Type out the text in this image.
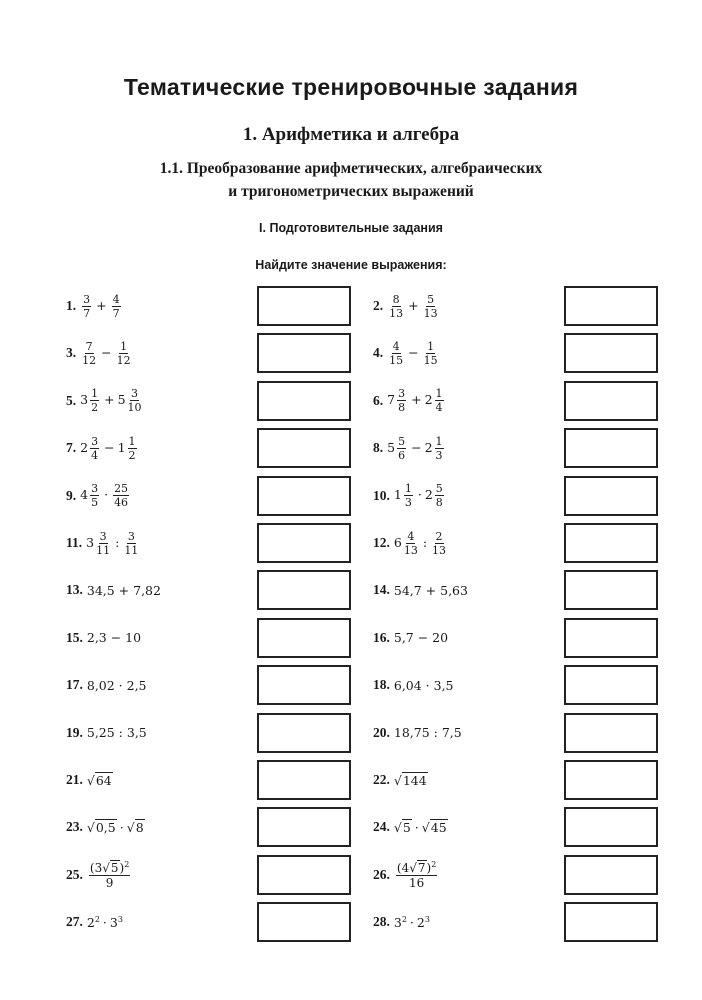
Тематические тренировочные задания
1. Арифметика и алгебра
1.1. Преобразование арифметических, алгебраических
и тригонометрических выражений
I. Подготовительные задания
Найдите значение выражения:
1. $\frac{3}{7} + \frac{4}{7}$	2. $\frac{8}{13} + \frac{5}{13}$
3. $\frac{7}{12} - \frac{1}{12}$	4. $\frac{4}{15} - \frac{1}{15}$
5. $3 \frac{1}{2} + 5 \frac{3}{10}$	6. $7 \frac{3}{8} + 2 \frac{1}{4}$
7. $2 \frac{3}{4} - 1 \frac{1}{2}$	8. $5 \frac{5}{6} - 2 \frac{1}{3}$
9. $4 \frac{3}{5} \cdot \frac{25}{46}$	10. $1 \frac{1}{3} \cdot 2 \frac{5}{8}$
11. $3 \frac{3}{11}$ : $\frac{3}{11}$	12. $6 \frac{4}{13}$ : $\frac{2}{13}$
13. 34,5 + 7,82	14. 54,7 + 5,63
15. 2,3 − 10	16. 5,7 − 20
17. 8,02 · 2,5	18. 6,04 · 3,5
19. 5,25 : 3,5	20. 18,75 : 7,5
21. √64	22. √144
23. √0,5 · √8	24. √5 · √45
25. $\frac{(3√5)^2}{9}$	26. $\frac{(4√7)^2}{16}$
27. $2^2 \cdot 3^3$	28. $3^2 \cdot 2^3$
